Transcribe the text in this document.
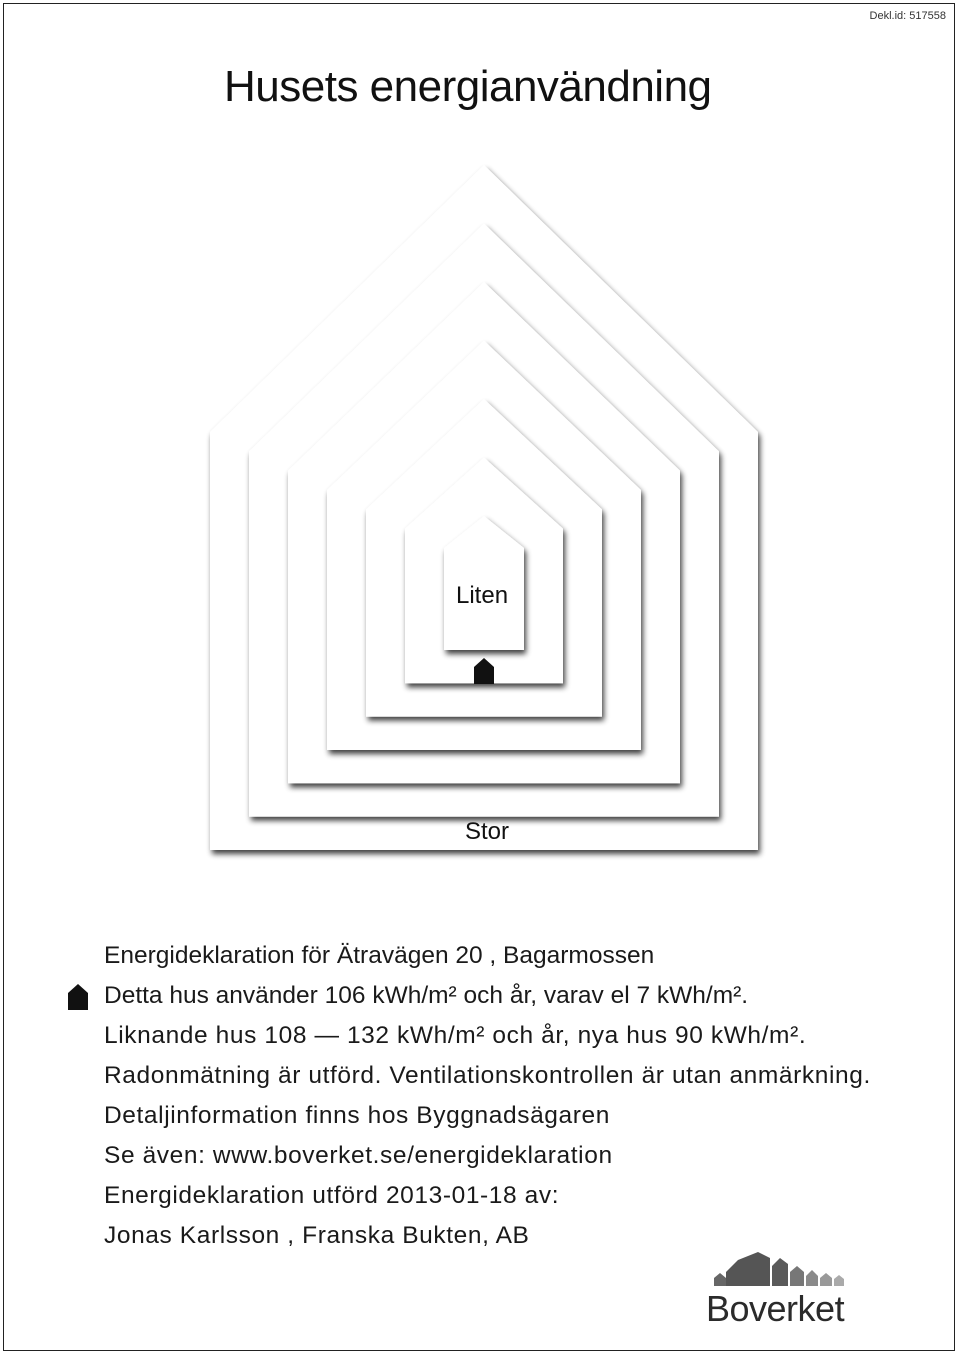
Dekl.id: 517558
Husets energianvändning
Liten
Stor
Energideklaration för Ätravägen 20 , Bagarmossen
Detta hus använder 106 kWh/m² och år, varav el 7 kWh/m².
Liknande hus 108 — 132 kWh/m² och år, nya hus 90 kWh/m².
Radonmätning är utförd. Ventilationskontrollen är utan anmärkning.
Detaljinformation finns hos Byggnadsägaren
Se även: www.boverket.se/energideklaration
Energideklaration utförd 2013-01-18 av:
Jonas Karlsson , Franska Bukten, AB
Boverket
